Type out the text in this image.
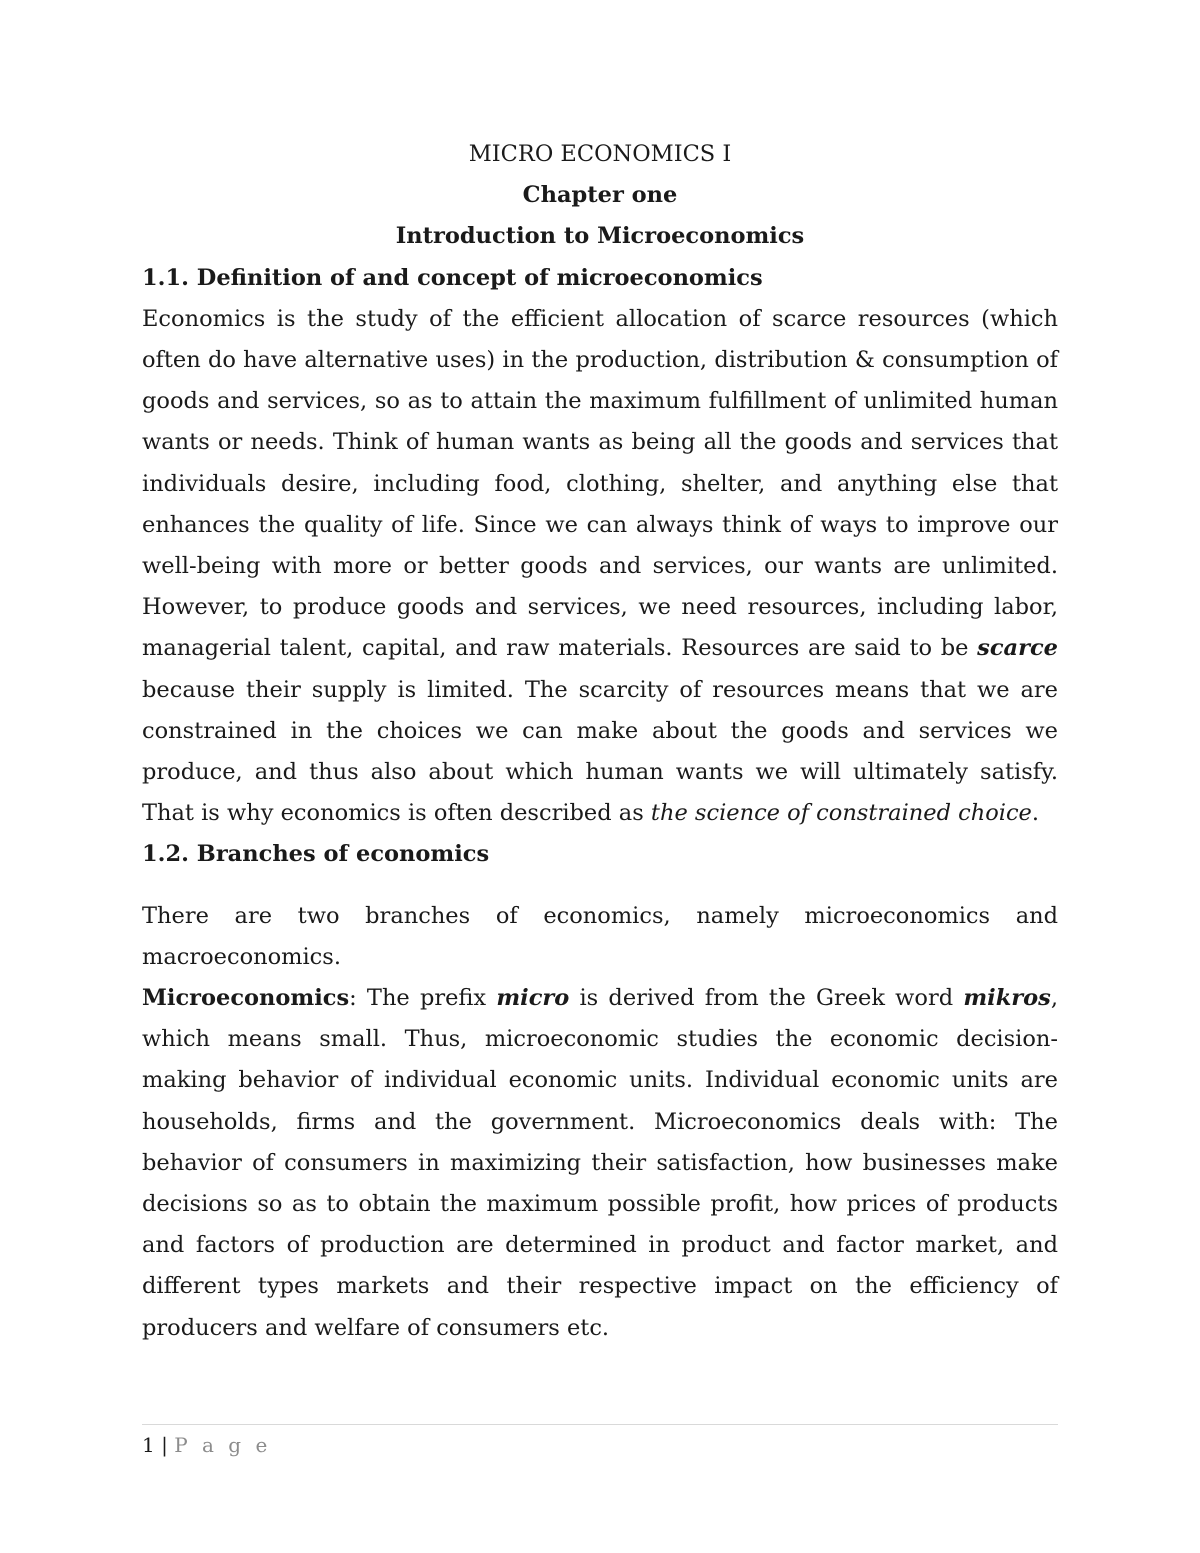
MICRO ECONOMICS I

Chapter one

Introduction to Microeconomics

1.1. Definition of and concept of microeconomics

Economics is the study of the efficient allocation of scarce resources (which often do have alternative uses) in the production, distribution & consumption of goods and services, so as to attain the maximum fulfillment of unlimited human wants or needs. Think of human wants as being all the goods and services that individuals desire, including food, clothing, shelter, and anything else that enhances the quality of life. Since we can always think of ways to improve our well-being with more or better goods and services, our wants are unlimited. However, to produce goods and services, we need resources, including labor, managerial talent, capital, and raw materials. Resources are said to be scarce because their supply is limited. The scarcity of resources means that we are constrained in the choices we can make about the goods and services we produce, and thus also about which human wants we will ultimately satisfy. That is why economics is often described as the science of constrained choice.

1.2. Branches of economics

There are two branches of economics, namely microeconomics and macroeconomics.

Microeconomics: The prefix micro is derived from the Greek word mikros, which means small. Thus, microeconomic studies the economic decision-making behavior of individual economic units. Individual economic units are households, firms and the government. Microeconomics deals with: The behavior of consumers in maximizing their satisfaction, how businesses make decisions so as to obtain the maximum possible profit, how prices of products and factors of production are determined in product and factor market, and different types markets and their respective impact on the efficiency of producers and welfare of consumers etc.

1 | P a g e
